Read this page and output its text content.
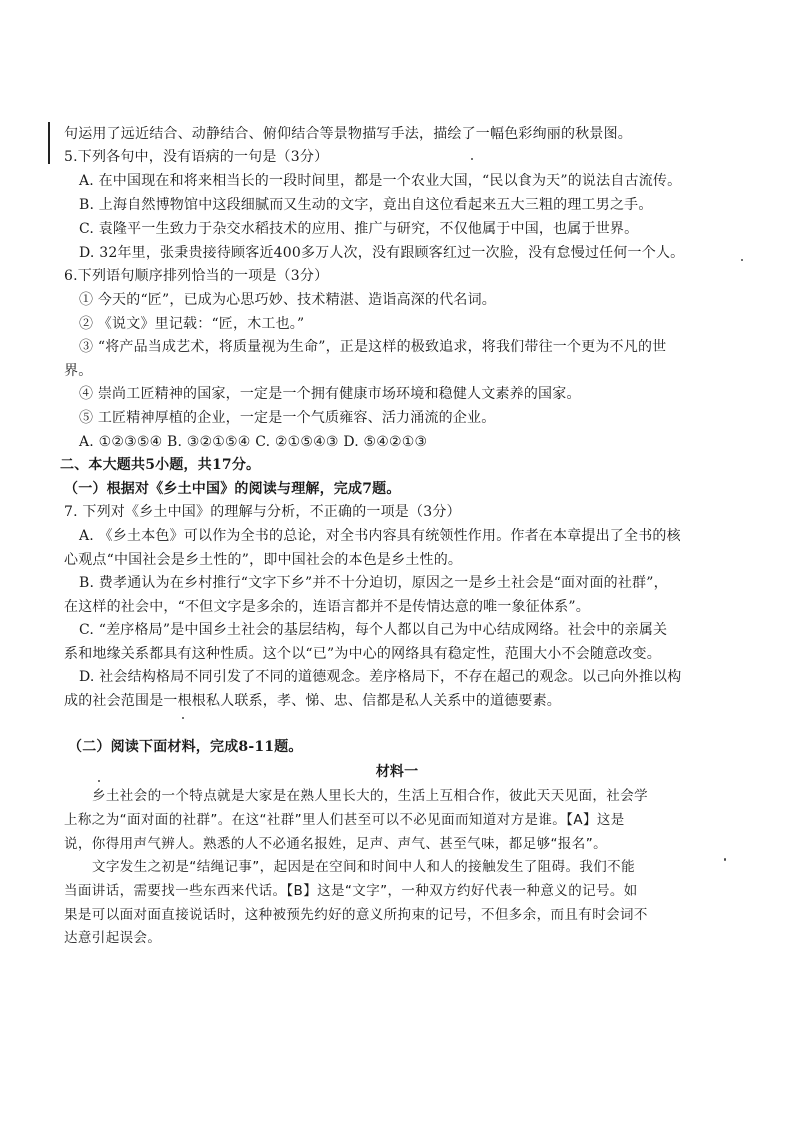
句运用了远近结合、动静结合、俯仰结合等景物描写手法，描绘了一幅色彩绚丽的秋景图。
5.下列各句中，没有语病的一句是（3分）
A. 在中国现在和将来相当长的一段时间里，都是一个农业大国，“民以食为天”的说法自古流传。
B. 上海自然博物馆中这段细腻而又生动的文字，竟出自这位看起来五大三粗的理工男之手。
C. 袁隆平一生致力于杂交水稻技术的应用、推广与研究，不仅他属于中国，也属于世界。
D. 32年里，张秉贵接待顾客近400多万人次，没有跟顾客红过一次脸，没有怠慢过任何一个人。
6.下列语句顺序排列恰当的一项是（3分）
① 今天的“匠”，已成为心思巧妙、技术精湛、造诣高深的代名词。
② 《说文》里记载：“匠，木工也。”
③ “将产品当成艺术，将质量视为生命”，正是这样的极致追求，将我们带往一个更为不凡的世
界。
④ 崇尚工匠精神的国家，一定是一个拥有健康市场环境和稳健人文素养的国家。
⑤ 工匠精神厚植的企业，一定是一个气质雍容、活力涌流的企业。
A. ①②③⑤④ B. ③②①⑤④ C. ②①⑤④③ D. ⑤④②①③
二、本大题共5小题，共17分。
（一）根据对《乡土中国》的阅读与理解，完成7题。
7. 下列对《乡土中国》的理解与分析，不正确的一项是（3分）
A. 《乡土本色》可以作为全书的总论，对全书内容具有统领性作用。作者在本章提出了全书的核
心观点“中国社会是乡土性的”，即中国社会的本色是乡土性的。
B. 费孝通认为在乡村推行“文字下乡”并不十分迫切，原因之一是乡土社会是“面对面的社群”，
在这样的社会中，“不但文字是多余的，连语言都并不是传情达意的唯一象征体系”。
C. “差序格局”是中国乡土社会的基层结构，每个人都以自己为中心结成网络。社会中的亲属关
系和地缘关系都具有这种性质。这个以“已”为中心的网络具有稳定性，范围大小不会随意改变。
D. 社会结构格局不同引发了不同的道德观念。差序格局下，不存在超己的观念。以己向外推以构
成的社会范围是一根根私人联系，孝、悌、忠、信都是私人关系中的道德要素。
（二）阅读下面材料，完成8-11题。
材料一
乡土社会的一个特点就是大家是在熟人里长大的，生活上互相合作，彼此天天见面，社会学
上称之为“面对面的社群”。在这“社群”里人们甚至可以不必见面而知道对方是谁。【A】这是
说，你得用声气辨人。熟悉的人不必通名报姓，足声、声气、甚至气味，都足够“报名”。
文字发生之初是“结绳记事”，起因是在空间和时间中人和人的接触发生了阻碍。我们不能
当面讲话，需要找一些东西来代话。【B】这是“文字”，一种双方约好代表一种意义的记号。如
果是可以面对面直接说话时，这种被预先约好的意义所拘束的记号，不但多余，而且有时会词不
达意引起误会。
